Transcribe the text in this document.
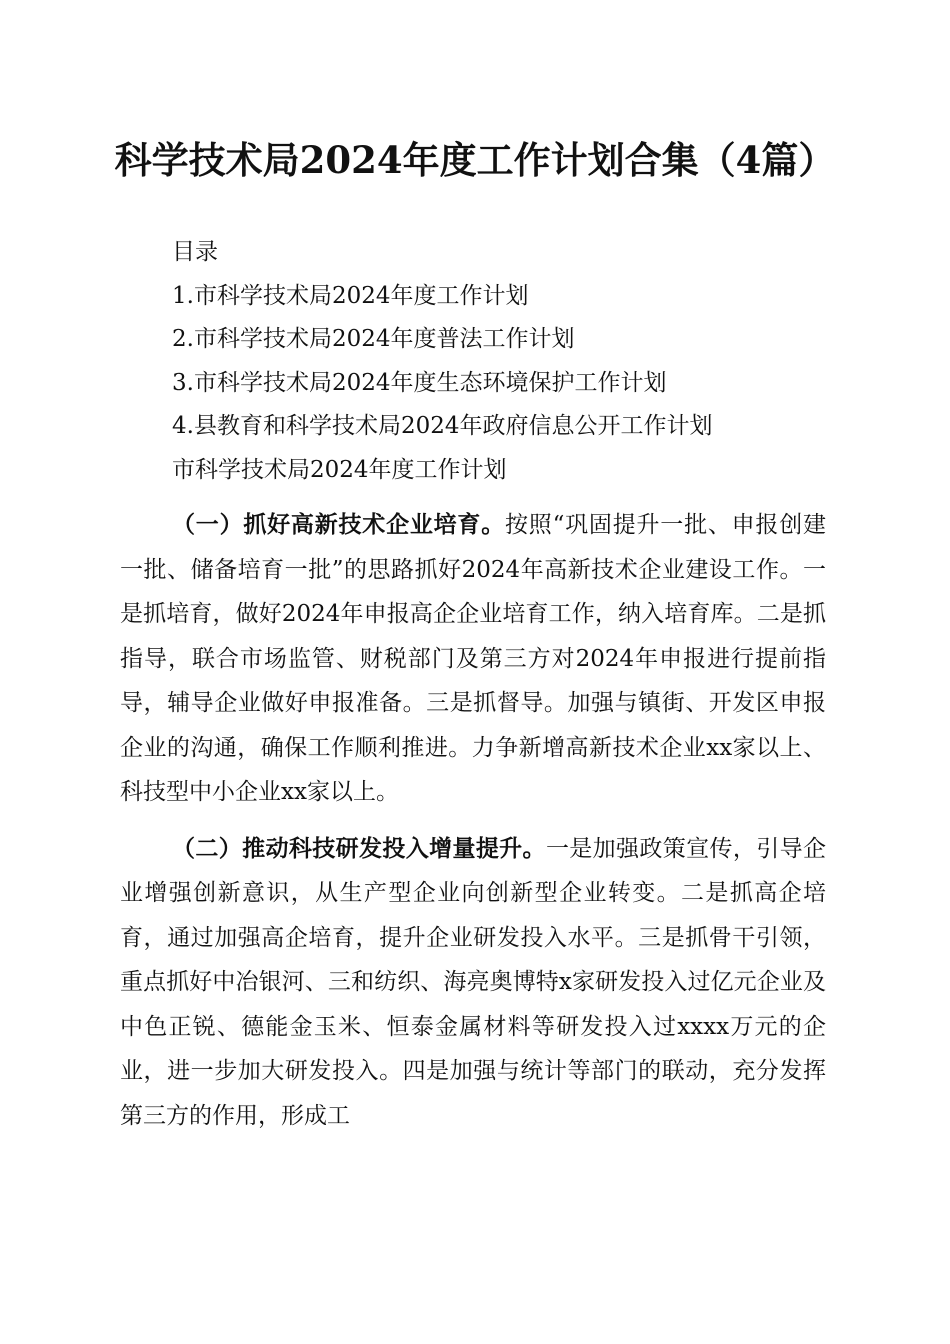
科学技术局2024年度工作计划合集（4篇）
目录
1.市科学技术局2024年度工作计划
2.市科学技术局2024年度普法工作计划
3.市科学技术局2024年度生态环境保护工作计划
4.县教育和科学技术局2024年政府信息公开工作计划
市科学技术局2024年度工作计划

（一）抓好高新技术企业培育。按照“巩固提升一批、申报创建一批、储备培育一批”的思路抓好2024年高新技术企业建设工作。一是抓培育，做好2024年申报高企企业培育工作，纳入培育库。二是抓指导，联合市场监管、财税部门及第三方对2024年申报进行提前指导，辅导企业做好申报准备。三是抓督导。加强与镇街、开发区申报企业的沟通，确保工作顺利推进。力争新增高新技术企业xx家以上、科技型中小企业xx家以上。

（二）推动科技研发投入增量提升。一是加强政策宣传，引导企业增强创新意识，从生产型企业向创新型企业转变。二是抓高企培育，通过加强高企培育，提升企业研发投入水平。三是抓骨干引领，重点抓好中冶银河、三和纺织、海亮奥博特x家研发投入过亿元企业及中色正锐、德能金玉米、恒泰金属材料等研发投入过xxxx万元的企业，进一步加大研发投入。四是加强与统计等部门的联动，充分发挥第三方的作用，形成工
